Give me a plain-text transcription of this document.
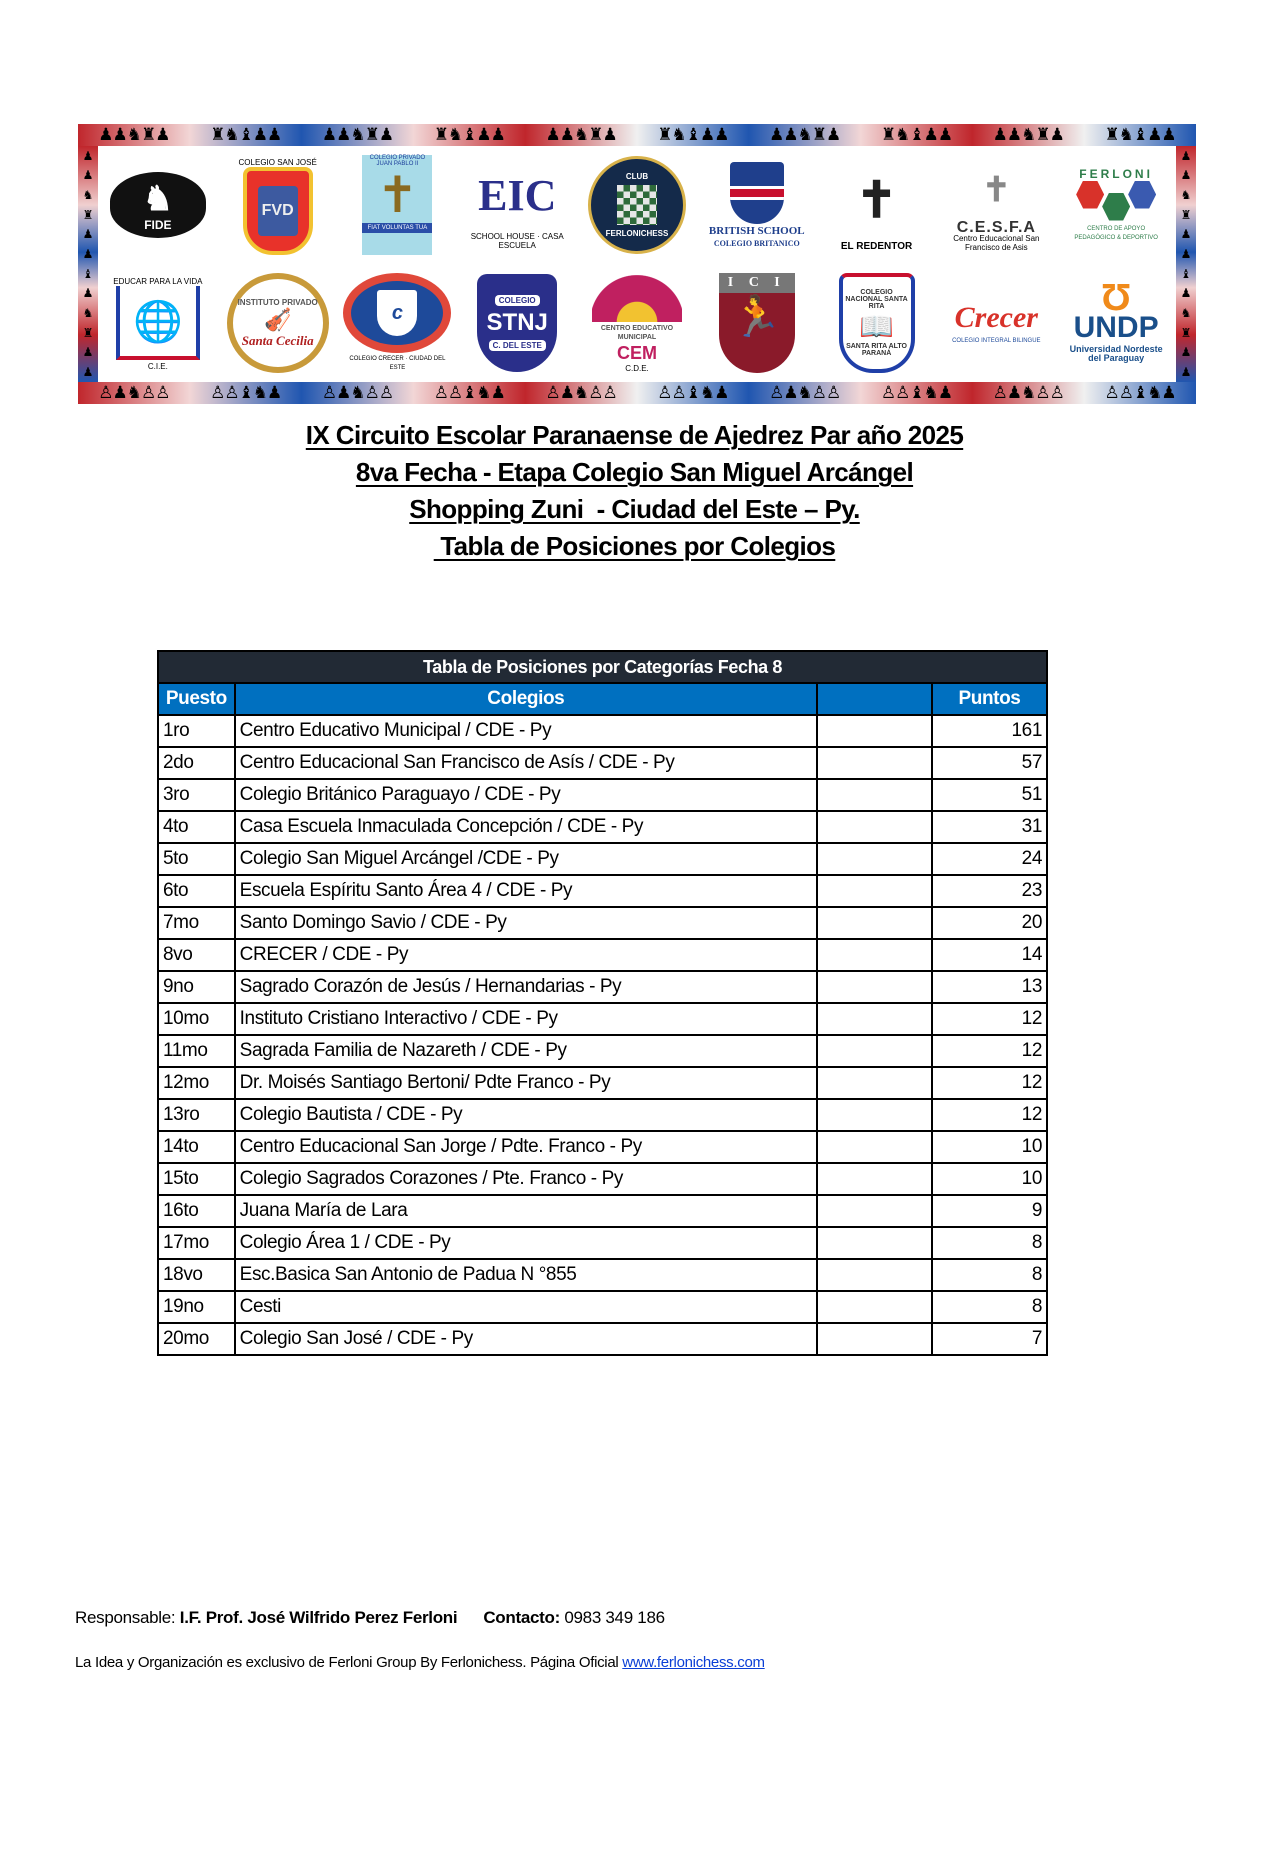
♟♟♞♜♟ ♜♞♝♟♟ ♟♟♞♜♟ ♜♞♝♟♟ ♟♟♞♜♟ ♜♞♝♟♟ ♟♟♞♜♟ ♜♞♝♟♟ ♟♟♞♜♟ ♜♞♝♟♟
♟
♟
♞
♜
♟
♟
♝
♟
♞
♜
♟
♟
♟
♟
♞
♜
♟
♟
♝
♟
♞
♜
♟
♟
♙♟♞♙♙ ♙♙♝♞♟ ♙♟♞♙♙ ♙♙♝♞♟ ♙♟♞♙♙ ♙♙♝♞♟ ♙♟♞♙♙ ♙♙♝♞♟ ♙♟♞♙♙ ♙♙♝♞♟
♞
FIDE
COLEGIO SAN JOSÉ
FVD
COLEGIO PRIVADO JUAN PABLO II
✝
FIAT VOLUNTAS TUA
EIC
SCHOOL HOUSE · CASA ESCUELA
CLUB
FERLONICHESS	BRITISH SCHOOL
COLEGIO BRITANICO
✝
EL REDENTOR
✝
C.E.S.F.A
Centro Educacional San Francisco de Asis
FERLONI
CENTRO DE APOYO PEDAGÓGICO & DEPORTIVO
EDUCAR PARA LA VIDA
🌐
C.I.E.
INSTITUTO PRIVADO
🎻
Santa Cecilia
c
COLEGIO CRECER · CIUDAD DEL ESTE
COLEGIO
STNJ
C. DEL ESTE
CENTRO EDUCATIVO MUNICIPAL
CEM
C.D.E.
I C I
🏃
COLEGIO NACIONAL SANTA RITA
📖
SANTA RITA ALTO PARANÁ
Crecer
COLEGIO INTEGRAL BILINGUE
Ʊ
UNDP
Universidad Nordeste del Paraguay
IX Circuito Escolar Paranaense de Ajedrez Par año 2025
8va Fecha - Etapa Colegio San Miguel Arcángel
Shopping Zuni  - Ciudad del Este – Py.
Tabla de Posiciones por Colegios
Tabla de Posiciones por Categorías Fecha 8			
Puesto	Colegios		Puntos
1ro	Centro Educativo Municipal / CDE - Py		161
2do	Centro Educacional San Francisco de Asís / CDE - Py		57
3ro	Colegio Británico Paraguayo / CDE - Py		51
4to	Casa Escuela Inmaculada Concepción / CDE - Py		31
5to	Colegio San Miguel Arcángel /CDE - Py		24
6to	Escuela Espíritu Santo Área 4 / CDE - Py		23
7mo	Santo Domingo Savio / CDE - Py		20
8vo	CRECER / CDE - Py		14
9no	Sagrado Corazón de Jesús / Hernandarias - Py		13
10mo	Instituto Cristiano Interactivo / CDE - Py		12
11mo	Sagrada Familia de Nazareth / CDE - Py		12
12mo	Dr. Moisés Santiago Bertoni/ Pdte Franco - Py		12
13ro	Colegio Bautista / CDE - Py		12
14to	Centro Educacional San Jorge / Pdte. Franco - Py		10
15to	Colegio Sagrados Corazones / Pte. Franco - Py		10
16to	Juana María de Lara		9
17mo	Colegio Área 1 / CDE - Py		8
18vo	Esc.Basica San Antonio de Padua N °855		8
19no	Cesti		8
20mo	Colegio San José / CDE - Py		7
Responsable: I.F. Prof. José Wilfrido Perez Ferloni Contacto: 0983 349 186
La Idea y Organización es exclusivo de Ferloni Group By Ferlonichess. Página Oficial www.ferlonichess.com
